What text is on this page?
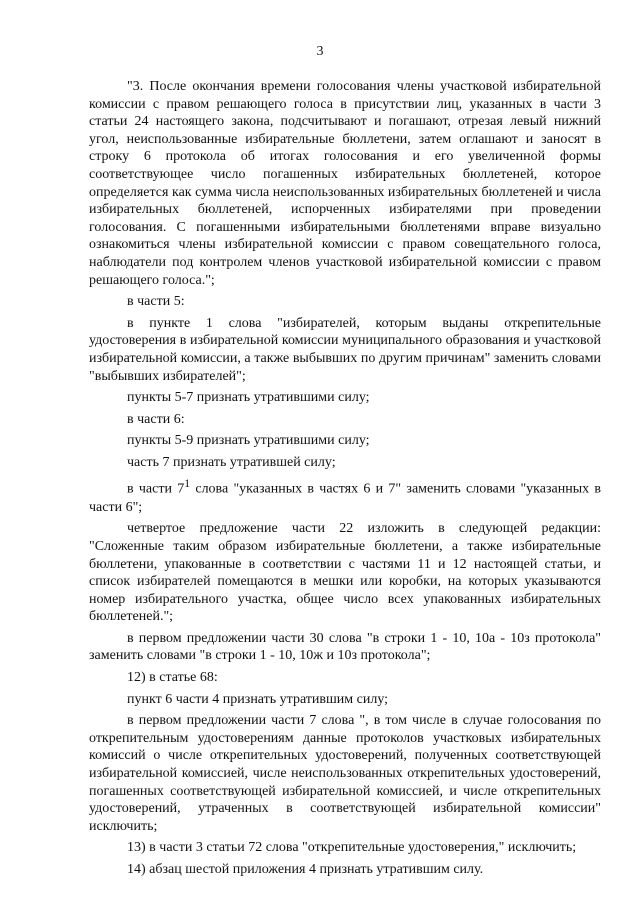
3

"3. После окончания времени голосования члены участковой избирательной комиссии с правом решающего голоса в присутствии лиц, указанных в части 3 статьи 24 настоящего закона, подсчитывают и погашают, отрезая левый нижний угол, неиспользованные избирательные бюллетени, затем оглашают и заносят в строку 6 протокола об итогах голосования и его увеличенной формы соответствующее число погашенных избирательных бюллетеней, которое определяется как сумма числа неиспользованных избирательных бюллетеней и числа избирательных бюллетеней, испорченных избирателями при проведении голосования. С погашенными избирательными бюллетенями вправе визуально ознакомиться члены избирательной комиссии с правом совещательного голоса, наблюдатели под контролем членов участковой избирательной комиссии с правом решающего голоса.";

в части 5:

в пункте 1 слова "избирателей, которым выданы открепительные удостоверения в избирательной комиссии муниципального образования и участковой избирательной комиссии, а также выбывших по другим причинам" заменить словами "выбывших избирателей";

пункты 5-7 признать утратившими силу;

в части 6:

пункты 5-9 признать утратившими силу;

часть 7 признать утратившей силу;

в части $7^1$ слова "указанных в частях 6 и 7" заменить словами "указанных в части 6";

четвертое предложение части 22 изложить в следующей редакции: "Сложенные таким образом избирательные бюллетени, а также избирательные бюллетени, упакованные в соответствии с частями 11 и 12 настоящей статьи, и список избирателей помещаются в мешки или коробки, на которых указываются номер избирательного участка, общее число всех упакованных избирательных бюллетеней.";

в первом предложении части 30 слова "в строки 1 - 10, 10а - 10з протокола" заменить словами "в строки 1 - 10, 10ж и 10з протокола";

12) в статье 68:

пункт 6 части 4 признать утратившим силу;

в первом предложении части 7 слова ", в том числе в случае голосования по открепительным удостоверениям данные протоколов участковых избирательных комиссий о числе открепительных удостоверений, полученных соответствующей избирательной комиссией, числе неиспользованных открепительных удостоверений, погашенных соответствующей избирательной комиссией, и числе открепительных удостоверений, утраченных в соответствующей избирательной комиссии" исключить;

13) в части 3 статьи 72 слова "открепительные удостоверения," исключить;

14) абзац шестой приложения 4 признать утратившим силу.
